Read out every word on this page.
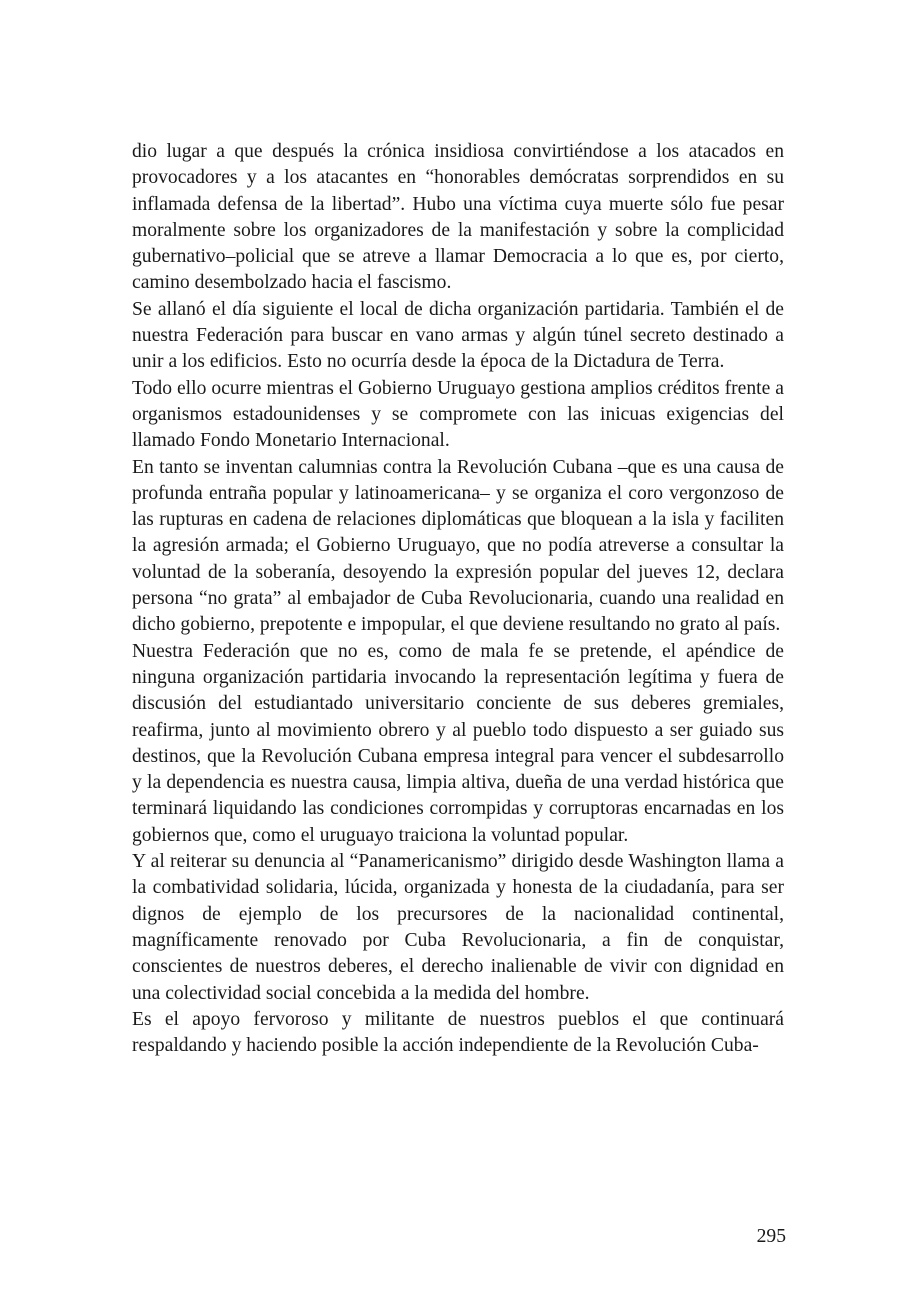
dio lugar a que después la crónica insidiosa convirtiéndose a los atacados en provocadores y a los atacantes en “honorables demócratas sorprendidos en su inflamada defensa de la libertad”. Hubo una víctima cuya muerte sólo fue pesar moralmente sobre los organizadores de la manifestación y sobre la complicidad gubernativo–policial que se atreve a llamar Democracia a lo que es, por cierto, camino desembolzado hacia el fascismo.

Se allanó el día siguiente el local de dicha organización partidaria. También el de nuestra Federación para buscar en vano armas y algún túnel secreto destinado a unir a los edificios. Esto no ocurría desde la época de la Dictadura de Terra.

Todo ello ocurre mientras el Gobierno Uruguayo gestiona amplios créditos frente a organismos estadounidenses y se compromete con las inicuas exigencias del llamado Fondo Monetario Internacional.

En tanto se inventan calumnias contra la Revolución Cubana –que es una causa de profunda entraña popular y latinoamericana– y se organiza el coro vergonzoso de las rupturas en cadena de relaciones diplomáticas que bloquean a la isla y faciliten la agresión armada; el Gobierno Uruguayo, que no podía atreverse a consultar la voluntad de la soberanía, desoyendo la expresión popular del jueves 12, declara persona “no grata” al embajador de Cuba Revolucionaria, cuando una realidad en dicho gobierno, prepotente e impopular, el que deviene resultando no grato al país.

Nuestra Federación que no es, como de mala fe se pretende, el apéndice de ninguna organización partidaria invocando la representación legítima y fuera de discusión del estudiantado universitario conciente de sus deberes gremiales, reafirma, junto al movimiento obrero y al pueblo todo dispuesto a ser guiado sus destinos, que la Revolución Cubana empresa integral para vencer el subdesarrollo y la dependencia es nuestra causa, limpia altiva, dueña de una verdad histórica que terminará liquidando las condiciones corrompidas y corruptoras encarnadas en los gobiernos que, como el uruguayo traiciona la voluntad popular.

Y al reiterar su denuncia al “Panamericanismo” dirigido desde Washington llama a la combatividad solidaria, lúcida, organizada y honesta de la ciudadanía, para ser dignos de ejemplo de los precursores de la nacionalidad continental, magníficamente renovado por Cuba Revolucionaria, a fin de conquistar, conscientes de nuestros deberes, el derecho inalienable de vivir con dignidad en una colectividad social concebida a la medida del hombre.

Es el apoyo fervoroso y militante de nuestros pueblos el que continuará respaldando y haciendo posible la acción independiente de la Revolución Cuba-

295
